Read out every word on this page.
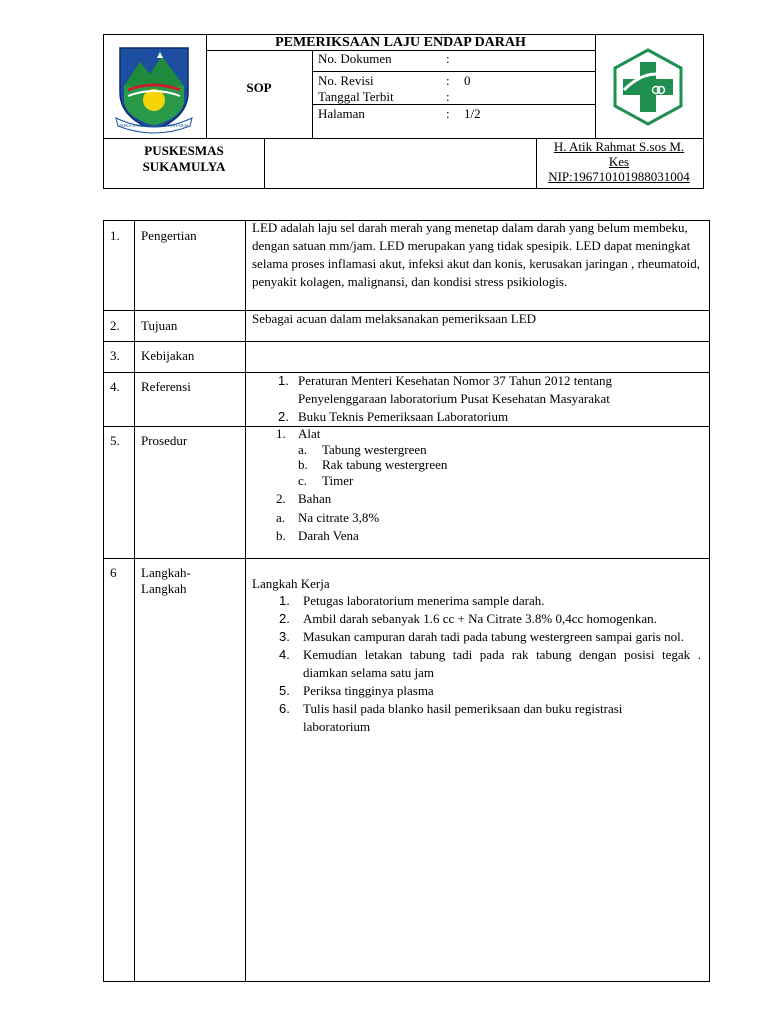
SUKA RAHMAT KERTA RAHARJA
PEMERIKSAAN LAJU ENDAP DARAH
SOP
No. Dokumen	:
No. Revisi	: 0
Tanggal Terbit	:
Halaman	: 1/2
PUSKESMAS
SUKAMULYA
H. Atik Rahmat S.sos M.
Kes
NIP:196710101988031004
1. Pengertian
LED adalah laju sel darah merah yang menetap dalam darah yang belum membeku, dengan satuan mm/jam. LED merupakan yang tidak spesipik. LED dapat meningkat selama proses inflamasi akut, infeksi akut dan konis, kerusakan jaringan , rheumatoid, penyakit kolagen, malignansi, dan kondisi stress psikiologis.
2. Tujuan	Sebagai acuan dalam melaksanakan pemeriksaan LED
3. Kebijakan
4. Referensi	1. Peraturan Menteri Kesehatan Nomor 37 Tahun 2012 tentang
Penyelenggaraan laboratorium Pusat Kesehatan Masyarakat
2. Buku Teknis Pemeriksaan Laboratorium
5. Prosedur	1. Alat
a. Tabung westergreen
b. Rak tabung westergreen
c. Timer
2. Bahan
a. Na citrate 3,8%
b. Darah Vena
6 Langkah-Langkah	Langkah Kerja
1. Petugas laboratorium menerima sample darah.
2. Ambil darah sebanyak 1.6 cc + Na Citrate 3.8% 0,4cc homogenkan.
3. Masukan campuran darah tadi pada tabung westergreen sampai garis nol.
4. Kemudian letakan tabung tadi pada rak tabung dengan posisi tegak . diamkan selama satu jam
5. Periksa tingginya plasma
6. Tulis hasil pada blanko hasil pemeriksaan dan buku registrasi laboratorium
